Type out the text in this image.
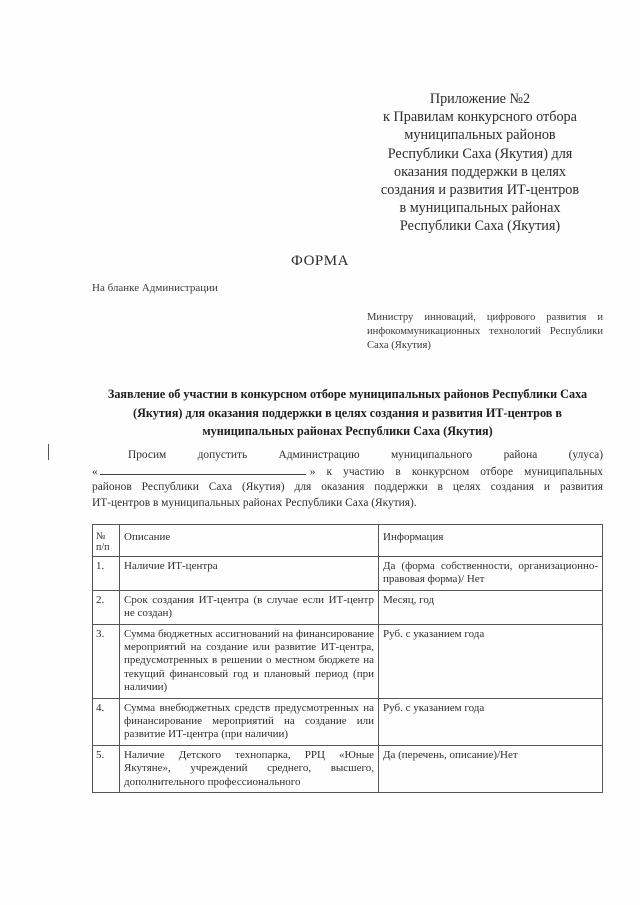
Приложение №2
к Правилам конкурсного отбора
муниципальных районов
Республики Саха (Якутия) для
оказания поддержки в целях
создания и развития ИТ-центров
в муниципальных районах
Республики Саха (Якутия)
ФОРМА
На бланке Администрации
Министру инноваций, цифрового развития и инфокоммуникационных технологий Республики Саха (Якутия)
Заявление об участии в конкурсном отборе муниципальных районов Республики Саха (Якутия) для оказания поддержки в целях создания и развития ИТ-центров в муниципальных районах Республики Саха (Якутия)
Просим	допустить	Администрацию	муниципального	района	(улуса)
«	» к участию в конкурсном отборе муниципальных
районов Республики Саха (Якутия) для оказания поддержки в целях создания и развития
ИТ-центров в муниципальных районах Республики Саха (Якутия).
№ п/п	Описание	Информация
1.	Наличие ИТ-центра	Да (форма собственности, организационно-правовая форма)/ Нет
2.	Срок создания ИТ-центра (в случае если ИТ-центр не создан)	Месяц, год
3.	Сумма бюджетных ассигнований на финансирование мероприятий на создание или развитие ИТ-центра, предусмотренных в решении о местном бюджете на текущий финансовый год и плановый период (при наличии)	Руб. с указанием года
4.	Сумма внебюджетных средств предусмотренных на финансирование мероприятий на создание или развитие ИТ-центра (при наличии)	Руб. с указанием года
5.	Наличие Детского технопарка, РРЦ «Юные Якутяне», учреждений среднего, высшего, дополнительного профессионального	Да (перечень, описание)/Нет
